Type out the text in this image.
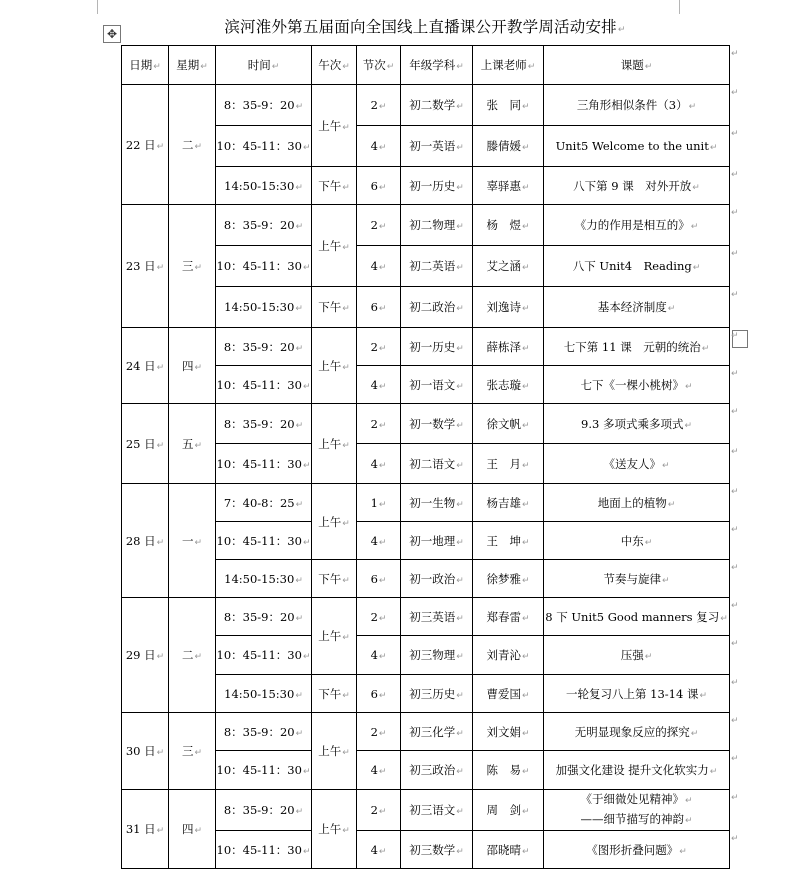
✥	滨河淮外第五届面向全国线上直播课公开教学周活动安排↵
日期↵	星期↵	时间↵	午次↵	节次↵	年级学科↵	上课老师↵	课题↵
22 日↵	二↵	8：35-9：20↵	上午↵	2↵	初二数学↵	张　同↵	三角形相似条件（3）↵
		10：45-11：30↵		4↵	初一英语↵	滕倩媛↵	Unit5 Welcome to the unit↵
		14:50-15:30↵	下午↵	6↵	初一历史↵	辜驿惠↵	八下第 9 课　对外开放↵
23 日↵	三↵	8：35-9：20↵	上午↵	2↵	初二物理↵	杨　煜↵	《力的作用是相互的》↵
		10：45-11：30↵		4↵	初二英语↵	艾之涵↵	八下 Unit4　Reading↵
		14:50-15:30↵	下午↵	6↵	初二政治↵	刘逸诗↵	基本经济制度↵
24 日↵	四↵	8：35-9：20↵	上午↵	2↵	初一历史↵	薛栋泽↵	七下第 11 课　元朝的统治↵
		10：45-11：30↵		4↵	初一语文↵	张志璇↵	七下《一棵小桃树》↵
25 日↵	五↵	8：35-9：20↵	上午↵	2↵	初一数学↵	徐文帆↵	9.3 多项式乘多项式↵
		10：45-11：30↵		4↵	初二语文↵	王　月↵	《送友人》↵
28 日↵	一↵	7：40-8：25↵	上午↵	1↵	初一生物↵	杨吉雄↵	地面上的植物↵
		10：45-11：30↵		4↵	初一地理↵	王　坤↵	中东↵
		14:50-15:30↵	下午↵	6↵	初一政治↵	徐梦雅↵	节奏与旋律↵
29 日↵	二↵	8：35-9：20↵	上午↵	2↵	初三英语↵	郑春雷↵	8 下 Unit5 Good manners 复习↵
		10：45-11：30↵		4↵	初三物理↵	刘青沁↵	压强↵
		14:50-15:30↵	下午↵	6↵	初三历史↵	曹爱国↵	一轮复习八上第 13-14 课↵
30 日↵	三↵	8：35-9：20↵	上午↵	2↵	初三化学↵	刘文娟↵	无明显现象反应的探究↵
		10：45-11：30↵		4↵	初三政治↵	陈　易↵	加强文化建设 提升文化软实力↵
31 日↵	四↵	8：35-9：20↵	上午↵	2↵	初三语文↵	周　剑↵	《于细微处见精神》↵
——细节描写的神韵↵

		10：45-11：30↵		4↵	初三数学↵	邵晓晴↵	《图形折叠问题》↵
↵
↵
↵
↵
↵
↵
↵
↵
↵
↵
↵
↵
↵
↵
↵
↵
↵
↵
↵
↵
↵
